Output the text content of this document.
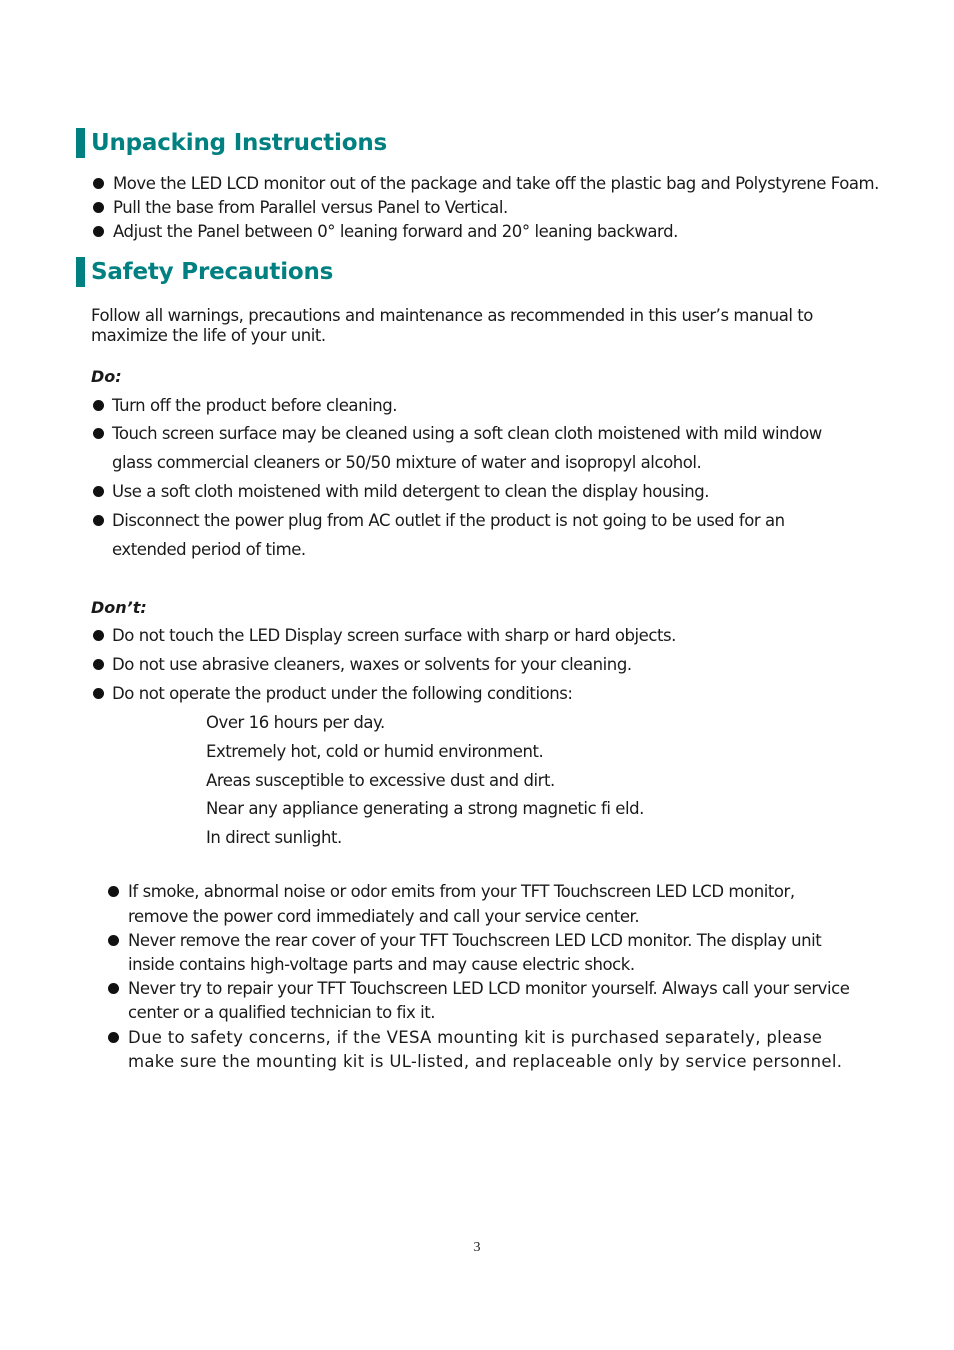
Unpacking Instructions
Move the LED LCD monitor out of the package and take off the plastic bag and Polystyrene Foam.
Pull the base from Parallel versus Panel to Vertical.
Adjust the Panel between 0° leaning forward and 20° leaning backward.
Safety Precautions
Follow all warnings, precautions and maintenance as recommended in this user’s manual to
maximize the life of your unit.
Do:
Turn off the product before cleaning.
Touch screen surface may be cleaned using a soft clean cloth moistened with mild window
glass commercial cleaners or 50/50 mixture of water and isopropyl alcohol.
Use a soft cloth moistened with mild detergent to clean the display housing.
Disconnect the power plug from AC outlet if the product is not going to be used for an
extended period of time.
Don’t:
Do not touch the LED Display screen surface with sharp or hard objects.
Do not use abrasive cleaners, waxes or solvents for your cleaning.
Do not operate the product under the following conditions:
Over 16 hours per day.
Extremely hot, cold or humid environment.
Areas susceptible to excessive dust and dirt.
Near any appliance generating a strong magnetic fi eld.
In direct sunlight.
If smoke, abnormal noise or odor emits from your TFT Touchscreen LED LCD monitor,
remove the power cord immediately and call your service center.
Never remove the rear cover of your TFT Touchscreen LED LCD monitor. The display unit
inside contains high-voltage parts and may cause electric shock.
Never try to repair your TFT Touchscreen LED LCD monitor yourself. Always call your service
center or a qualified technician to fix it.
Due to safety concerns, if the VESA mounting kit is purchased separately, please
make sure the mounting kit is UL-listed, and replaceable only by service personnel.
3
